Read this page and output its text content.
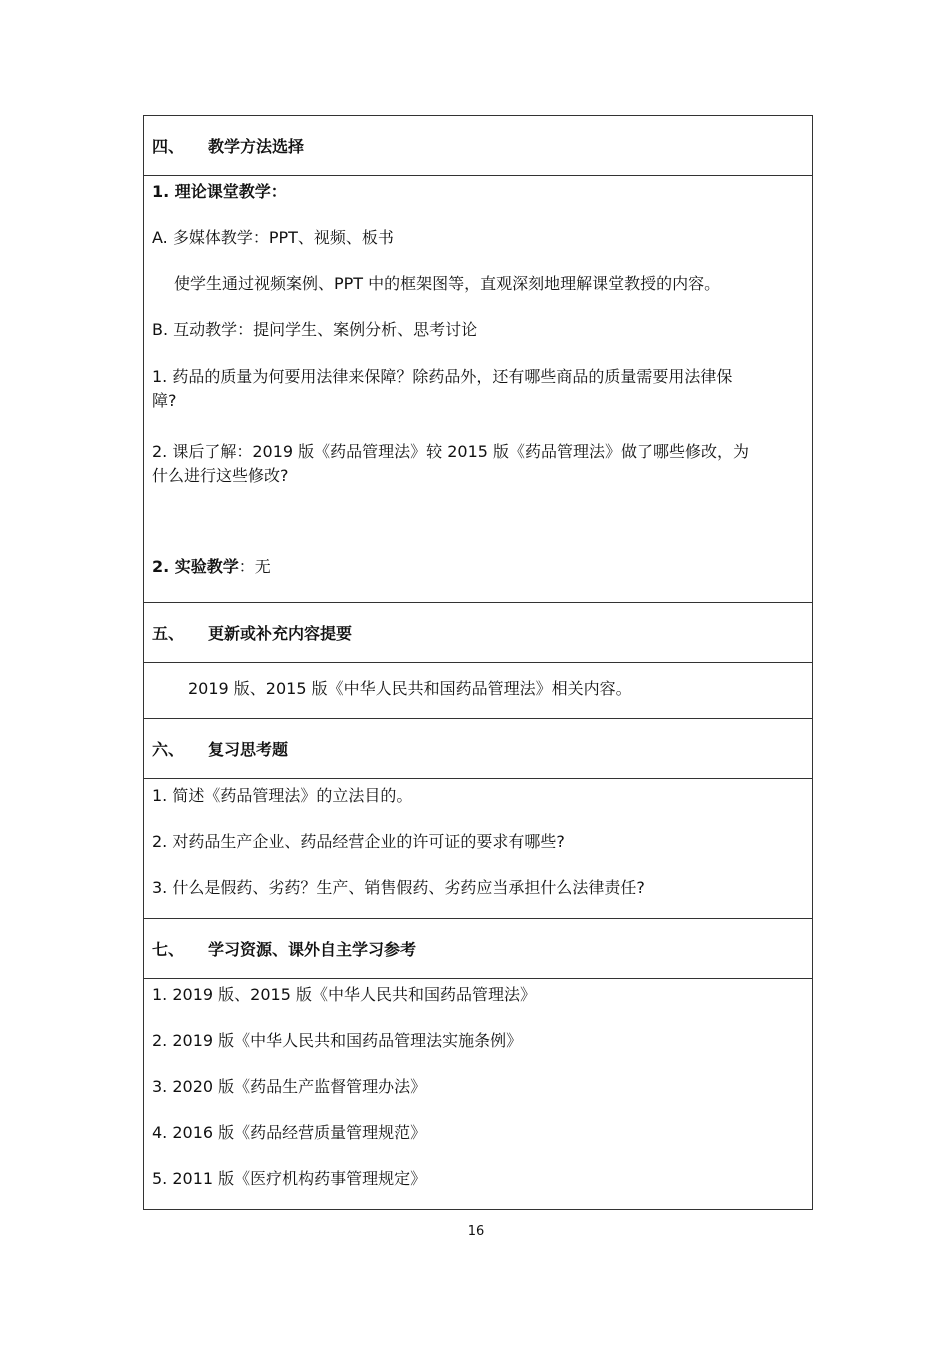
四、	教学方法选择
1. 理论课堂教学：
A. 多媒体教学：PPT、视频、板书
使学生通过视频案例、PPT 中的框架图等，直观深刻地理解课堂教授的内容。
B. 互动教学：提问学生、案例分析、思考讨论
1. 药品的质量为何要用法律来保障？除药品外，还有哪些商品的质量需要用法律保
障?
2. 课后了解：2019 版《药品管理法》较 2015 版《药品管理法》做了哪些修改，为
什么进行这些修改?
2. 实验教学：无
五、	更新或补充内容提要
2019 版、2015 版《中华人民共和国药品管理法》相关内容。
六、	复习思考题
1. 简述《药品管理法》的立法目的。
2. 对药品生产企业、药品经营企业的许可证的要求有哪些?
3. 什么是假药、劣药？生产、销售假药、劣药应当承担什么法律责任?
七、	学习资源、课外自主学习参考
1. 2019 版、2015 版《中华人民共和国药品管理法》
2. 2019 版《中华人民共和国药品管理法实施条例》
3. 2020 版《药品生产监督管理办法》
4. 2016 版《药品经营质量管理规范》
5. 2011 版《医疗机构药事管理规定》
16
